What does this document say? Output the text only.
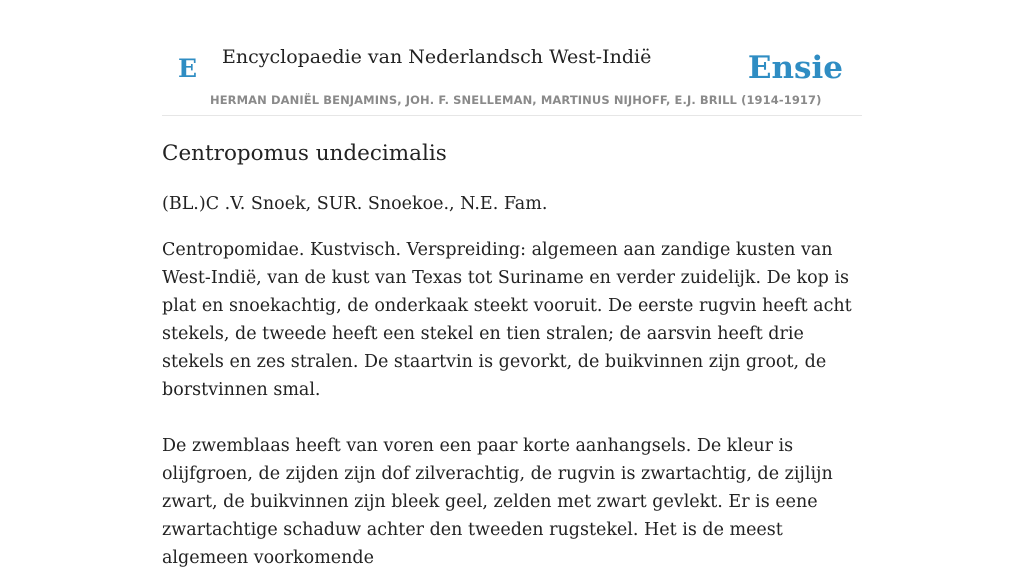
E Encyclopaedie van Nederlandsch West-Indië	Ensie
HERMAN DANIËL BENJAMINS, JOH. F. SNELLEMAN, MARTINUS NIJHOFF, E.J. BRILL (1914-1917)
Centropomus undecimalis

(BL.)C .V. Snoek, SUR. Snoekoe., N.E. Fam.

Centropomidae. Kustvisch. Verspreiding: algemeen aan zandige kusten van West-Indië, van de kust van Texas tot Suriname en verder zuidelijk. De kop is plat en snoekachtig, de onderkaak steekt vooruit. De eerste rugvin heeft acht stekels, de tweede heeft een stekel en tien stralen; de aarsvin heeft drie stekels en zes stralen. De staartvin is gevorkt, de buikvinnen zijn groot, de borstvinnen smal.

De zwemblaas heeft van voren een paar korte aanhangsels. De kleur is olijfgroen, de zijden zijn dof zilverachtig, de rugvin is zwartachtig, de zijlijn zwart, de buikvinnen zijn bleek geel, zelden met zwart gevlekt. Er is eene zwartachtige schaduw achter den tweeden rugstekel. Het is de meest algemeen voorkomende
